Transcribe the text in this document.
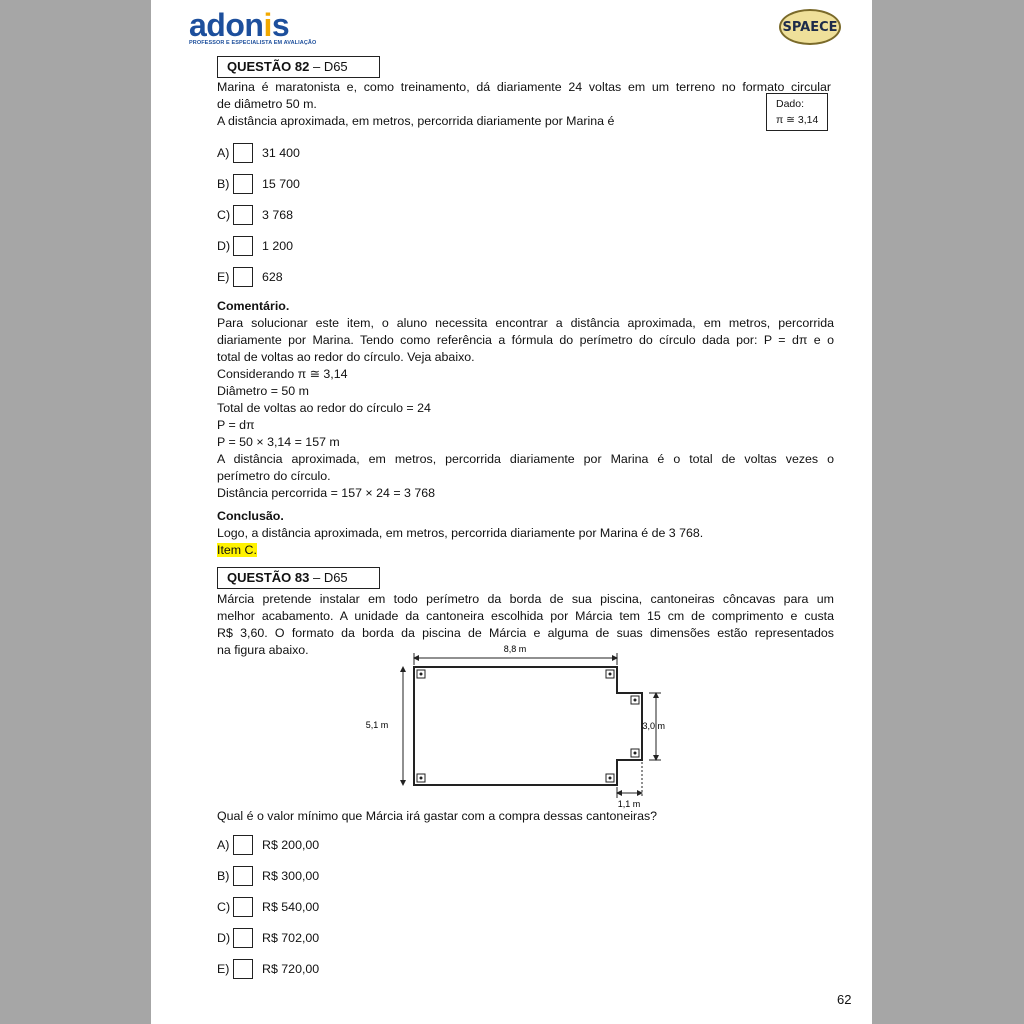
adonis
PROFESSOR E ESPECIALISTA EM AVALIAÇÃO
SPAECE
QUESTÃO 82 – D65
Marina é maratonista e, como treinamento, dá diariamente 24 voltas em um terreno no formato circular
de diâmetro 50 m.
A distância aproximada, em metros, percorrida diariamente por Marina é
Dado:
π ≅ 3,14
A)	31 400
B)	15 700
C)	3 768
D)	1 200
E)	628
Comentário.
Para solucionar este item, o aluno necessita encontrar a distância aproximada, em metros, percorrida
diariamente por Marina. Tendo como referência a fórmula do perímetro do círculo dada por: P = dπ e o
total de voltas ao redor do círculo. Veja abaixo.
Considerando π ≅ 3,14
Diâmetro = 50 m
Total de voltas ao redor do círculo = 24
P = dπ
P = 50 × 3,14 = 157 m
A distância aproximada, em metros, percorrida diariamente por Marina é o total de voltas vezes o
perímetro do círculo.
Distância percorrida = 157 × 24 = 3 768
Conclusão.
Logo, a distância aproximada, em metros, percorrida diariamente por Marina é de 3 768.
Item C.
QUESTÃO 83 – D65
Márcia pretende instalar em todo perímetro da borda de sua piscina, cantoneiras côncavas para um
melhor acabamento. A unidade da cantoneira escolhida por Márcia tem 15 cm de comprimento e custa
R$ 3,60. O formato da borda da piscina de Márcia e alguma de suas dimensões estão representados
na figura abaixo.	8,8 m
5,1 m	3,0 m
1,1 m
Qual é o valor mínimo que Márcia irá gastar com a compra dessas cantoneiras?
A)	R$ 200,00
B)	R$ 300,00
C)	R$ 540,00
D)	R$ 702,00
E)	R$ 720,00
62
